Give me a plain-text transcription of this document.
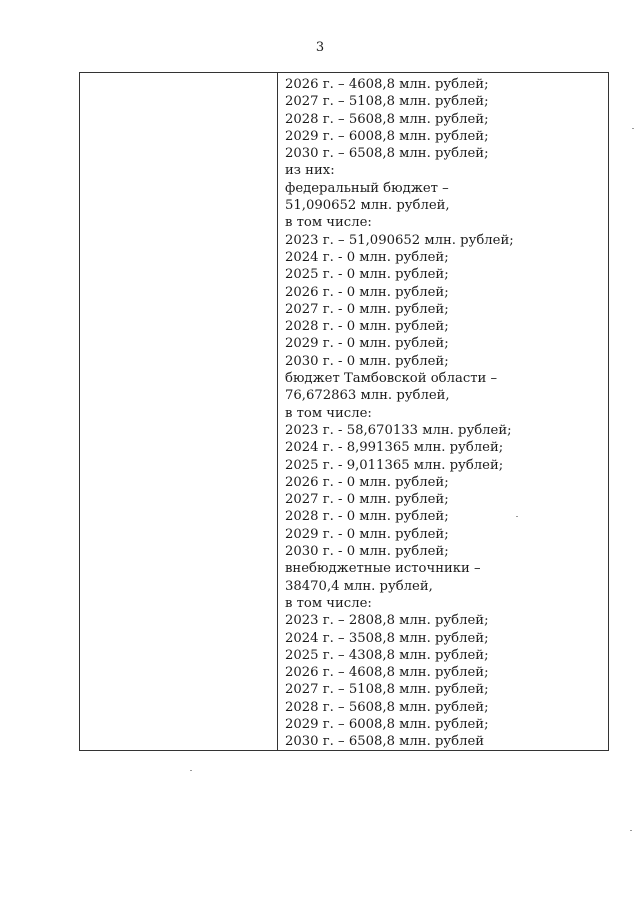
3
2026 г. – 4608,8 млн. рублей;
2027 г. – 5108,8 млн. рублей;
2028 г. – 5608,8 млн. рублей;
2029 г. – 6008,8 млн. рублей;
2030 г. – 6508,8 млн. рублей;
из них:
федеральный бюджет –
51,090652 млн. рублей,
в том числе:
2023 г. – 51,090652 млн. рублей;
2024 г. - 0 млн. рублей;
2025 г. - 0 млн. рублей;
2026 г. - 0 млн. рублей;
2027 г. - 0 млн. рублей;
2028 г. - 0 млн. рублей;
2029 г. - 0 млн. рублей;
2030 г. - 0 млн. рублей;
бюджет Тамбовской области –
76,672863 млн. рублей,
в том числе:
2023 г. - 58,670133 млн. рублей;
2024 г. - 8,991365 млн. рублей;
2025 г. - 9,011365 млн. рублей;
2026 г. - 0 млн. рублей;
2027 г. - 0 млн. рублей;
2028 г. - 0 млн. рублей;
2029 г. - 0 млн. рублей;
2030 г. - 0 млн. рублей;
внебюджетные источники –
38470,4 млн. рублей,
в том числе:
2023 г. – 2808,8 млн. рублей;
2024 г. – 3508,8 млн. рублей;
2025 г. – 4308,8 млн. рублей;
2026 г. – 4608,8 млн. рублей;
2027 г. – 5108,8 млн. рублей;
2028 г. – 5608,8 млн. рублей;
2029 г. – 6008,8 млн. рублей;
2030 г. – 6508,8 млн. рублей
